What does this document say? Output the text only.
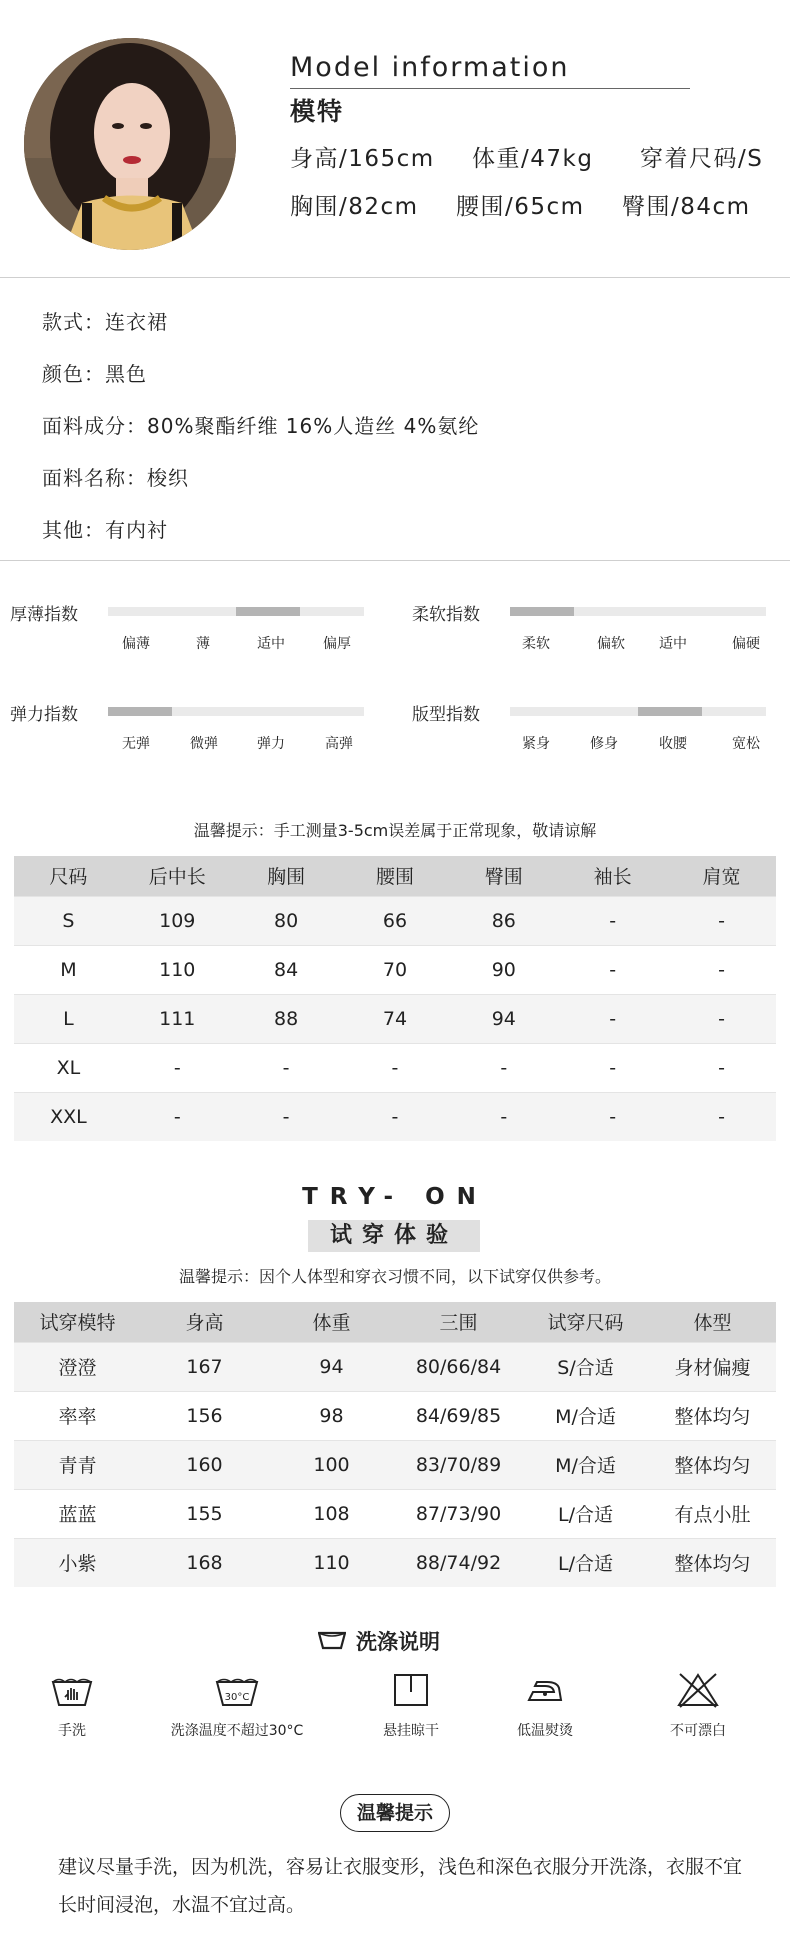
Model information
模特
身高/165cm 体重/47kg 穿着尺码/S
胸围/82cm 腰围/65cm 臀围/84cm
款式：连衣裙
颜色：黑色
面料成分：80%聚酯纤维 16%人造丝 4%氨纶
面料名称：梭织
其他：有内衬
厚薄指数
偏薄	薄	适中	偏厚
柔软指数
柔软	偏软	适中	偏硬
弹力指数
无弹	微弹	弹力	高弹
版型指数
紧身	修身	收腰	宽松
温馨提示：手工测量3-5cm误差属于正常现象，敬请谅解
尺码	后中长	胸围	腰围	臀围	袖长	肩宽
S	109	80	66	86	-	-
M	110	84	70	90	-	-
L	111	88	74	94	-	-
XL	-	-	-	-	-	-
XXL	-	-	-	-	-	-
TRY- ON
试穿体验
温馨提示：因个人体型和穿衣习惯不同，以下试穿仅供参考。
试穿模特	身高	体重	三围	试穿尺码	体型
澄澄	167	94	80/66/84	S/合适	身材偏瘦
率率	156	98	84/69/85	M/合适	整体均匀
青青	160	100	83/70/89	M/合适	整体均匀
蓝蓝	155	108	87/73/90	L/合适	有点小肚
小紫	168	110	88/74/92	L/合适	整体均匀
洗涤说明
手洗
30°C
洗涤温度不超过30°C	悬挂晾干	低温熨烫	不可漂白
温馨提示
建议尽量手洗，因为机洗，容易让衣服变形，浅色和深色衣服分开洗涤，衣服不宜长时间浸泡，水温不宜过高。
